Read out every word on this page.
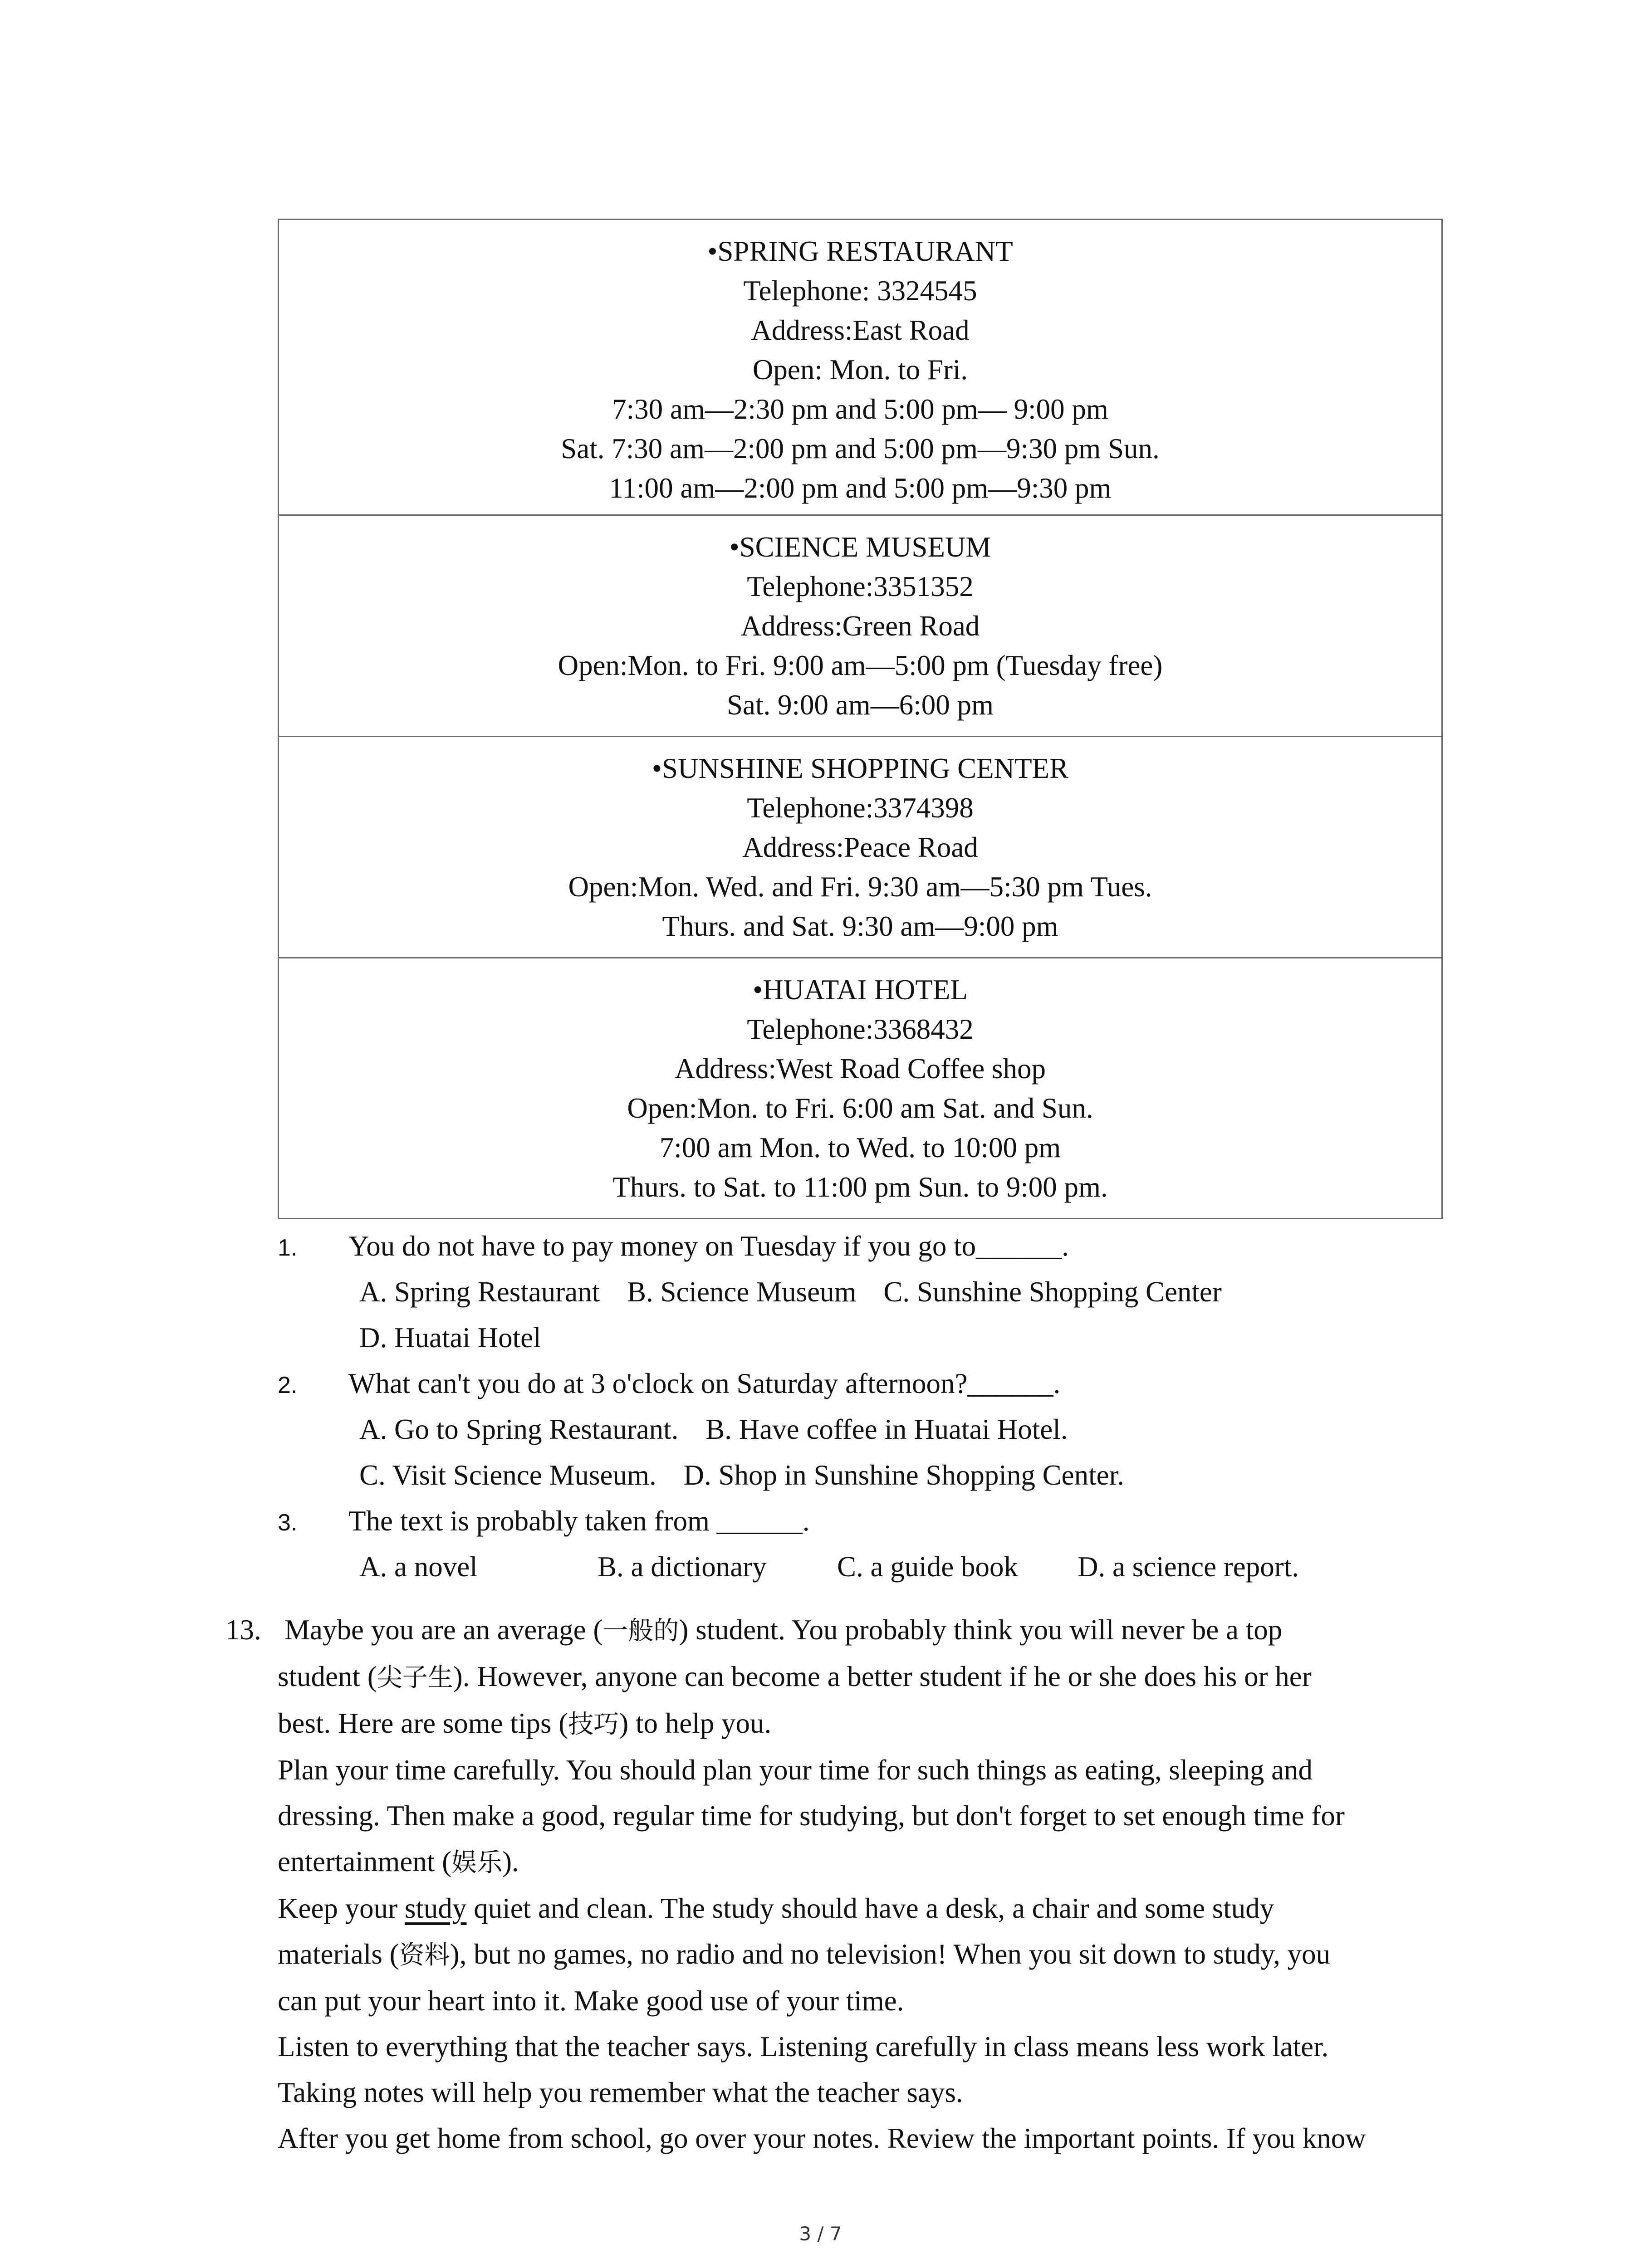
•SPRING RESTAURANT
Telephone: 3324545
Address:East Road
Open: Mon. to Fri.
7:30 am—2:30 pm and 5:00 pm— 9:00 pm
Sat. 7:30 am—2:00 pm and 5:00 pm—9:30 pm Sun.
11:00 am—2:00 pm and 5:00 pm—9:30 pm

•SCIENCE MUSEUM
Telephone:3351352
Address:Green Road
Open:Mon. to Fri. 9:00 am—5:00 pm (Tuesday free)
Sat. 9:00 am—6:00 pm

•SUNSHINE SHOPPING CENTER
Telephone:3374398
Address:Peace Road
Open:Mon. Wed. and Fri. 9:30 am—5:30 pm Tues.
Thurs. and Sat. 9:30 am—9:00 pm

•HUATAI HOTEL
Telephone:3368432
Address:West Road Coffee shop
Open:Mon. to Fri. 6:00 am Sat. and Sun.
7:00 am Mon. to Wed. to 10:00 pm
Thurs. to Sat. to 11:00 pm Sun. to 9:00 pm.
1. You do not have to pay money on Tuesday if you go to______.
A. Spring Restaurant B. Science Museum C. Sunshine Shopping Center
D. Huatai Hotel
2. What can't you do at 3 o'clock on Saturday afternoon?______.
A. Go to Spring Restaurant. B. Have coffee in Huatai Hotel.
C. Visit Science Museum. D. Shop in Sunshine Shopping Center.
3. The text is probably taken from ______.
A. a novel	B. a dictionary C. a guide book D. a science report.
13. Maybe you are an average (一般的) student. You probably think you will never be a top
student (尖子生). However, anyone can become a better student if he or she does his or her
best. Here are some tips (技巧) to help you.
Plan your time carefully. You should plan your time for such things as eating, sleeping and
dressing. Then make a good, regular time for studying, but don't forget to set enough time for
entertainment (娱乐).
Keep your study quiet and clean. The study should have a desk, a chair and some study
materials (资料), but no games, no radio and no television! When you sit down to study, you
can put your heart into it. Make good use of your time.
Listen to everything that the teacher says. Listening carefully in class means less work later.
Taking notes will help you remember what the teacher says.
After you get home from school, go over your notes. Review the important points. If you know
3 / 7
